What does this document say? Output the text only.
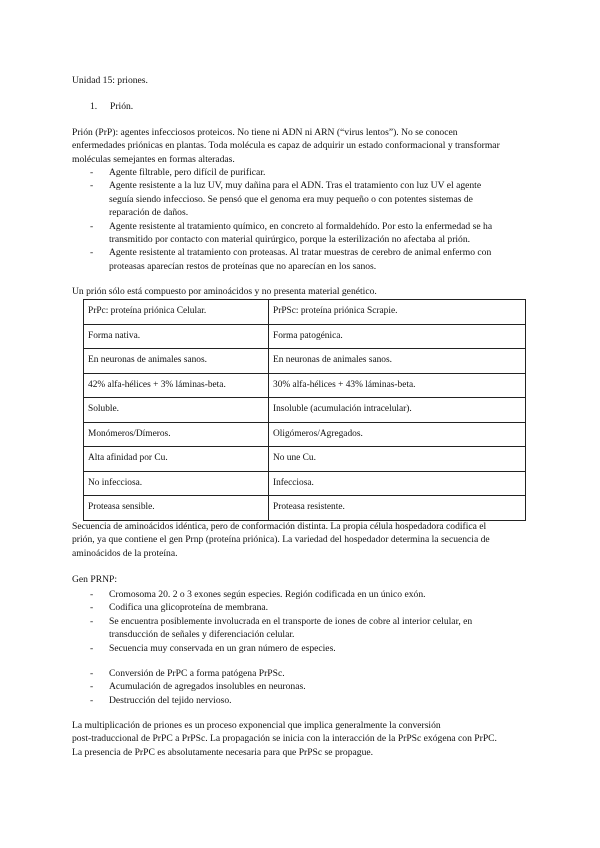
Unidad 15: priones.
1. Prión.
Prión (PrP): agentes infecciosos proteicos. No tiene ni ADN ni ARN (“virus lentos”). No se conocen
enfermedades priónicas en plantas. Toda molécula es capaz de adquirir un estado conformacional y transformar
moléculas semejantes en formas alteradas.
- Agente filtrable, pero difícil de purificar.
- Agente resistente a la luz UV, muy dañina para el ADN. Tras el tratamiento con luz UV el agente
seguía siendo infeccioso. Se pensó que el genoma era muy pequeño o con potentes sistemas de
reparación de daños.
- Agente resistente al tratamiento químico, en concreto al formaldehído. Por esto la enfermedad se ha
transmitido por contacto con material quirúrgico, porque la esterilización no afectaba al prión.
- Agente resistente al tratamiento con proteasas. Al tratar muestras de cerebro de animal enfermo con
proteasas aparecían restos de proteínas que no aparecían en los sanos.
Un prión sólo está compuesto por aminoácidos y no presenta material genético.
PrPc: proteína priónica Celular.	PrPSc: proteína priónica Scrapie.
Forma nativa.	Forma patogénica.
En neuronas de animales sanos.	En neuronas de animales sanos.
42% alfa-hélices + 3% láminas-beta.	30% alfa-hélices + 43% láminas-beta.
Soluble.	Insoluble (acumulación intracelular).
Monómeros/Dímeros.	Oligómeros/Agregados.
Alta afinidad por Cu.	No une Cu.
No infecciosa.	Infecciosa.
Proteasa sensible.	Proteasa resistente.
Secuencia de aminoácidos idéntica, pero de conformación distinta. La propia célula hospedadora codifica el
prión, ya que contiene el gen Prnp (proteína priónica). La variedad del hospedador determina la secuencia de
aminoácidos de la proteína.
Gen PRNP:
- Cromosoma 20. 2 o 3 exones según especies. Región codificada en un único exón.
- Codifica una glicoproteína de membrana.
- Se encuentra posiblemente involucrada en el transporte de iones de cobre al interior celular, en
transducción de señales y diferenciación celular.
- Secuencia muy conservada en un gran número de especies.
- Conversión de PrPC a forma patógena PrPSc.
- Acumulación de agregados insolubles en neuronas.
- Destrucción del tejido nervioso.
La multiplicación de priones es un proceso exponencial que implica generalmente la conversión
post-traduccional de PrPC a PrPSc. La propagación se inicia con la interacción de la PrPSc exógena con PrPC.
La presencia de PrPC es absolutamente necesaria para que PrPSc se propague.
